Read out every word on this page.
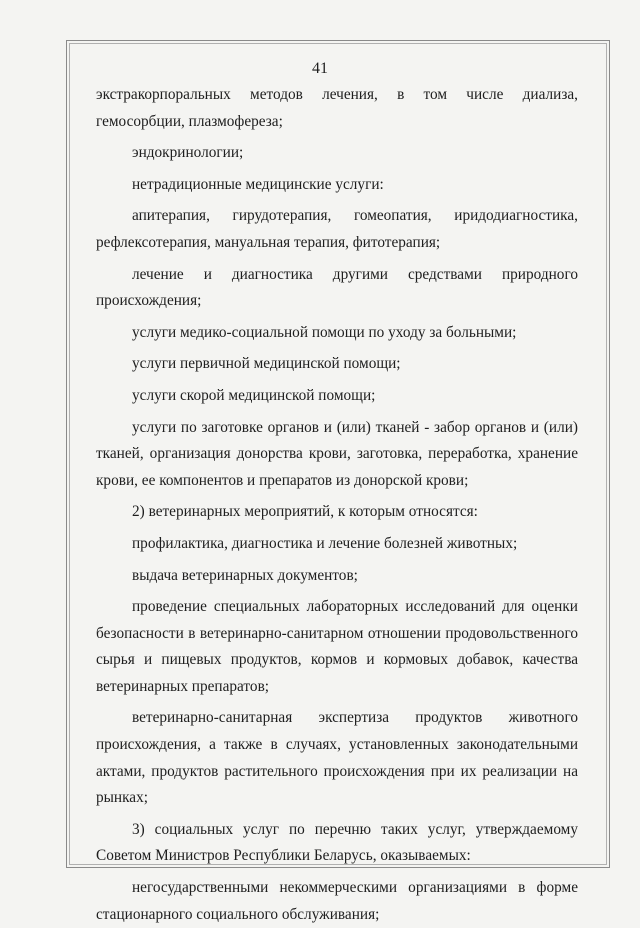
41

экстракорпоральных методов лечения, в том числе диализа, гемосорбции, плазмофереза;

эндокринологии;

нетрадиционные медицинские услуги:

апитерапия, гирудотерапия, гомеопатия, иридодиагностика, рефлексотерапия, мануальная терапия, фитотерапия;

лечение и диагностика другими средствами природного происхождения;

услуги медико-социальной помощи по уходу за больными;

услуги первичной медицинской помощи;

услуги скорой медицинской помощи;

услуги по заготовке органов и (или) тканей - забор органов и (или) тканей, организация донорства крови, заготовка, переработка, хранение крови, ее компонентов и препаратов из донорской крови;

2) ветеринарных мероприятий, к которым относятся:

профилактика, диагностика и лечение болезней животных;

выдача ветеринарных документов;

проведение специальных лабораторных исследований для оценки безопасности в ветеринарно-санитарном отношении продовольственного сырья и пищевых продуктов, кормов и кормовых добавок, качества ветеринарных препаратов;

ветеринарно-санитарная экспертиза продуктов животного происхождения, а также в случаях, установленных законодательными актами, продуктов растительного происхождения при их реализации на рынках;

3) социальных услуг по перечню таких услуг, утверждаемому Советом Министров Республики Беларусь, оказываемых:

негосударственными некоммерческими организациями в форме стационарного социального обслуживания;
